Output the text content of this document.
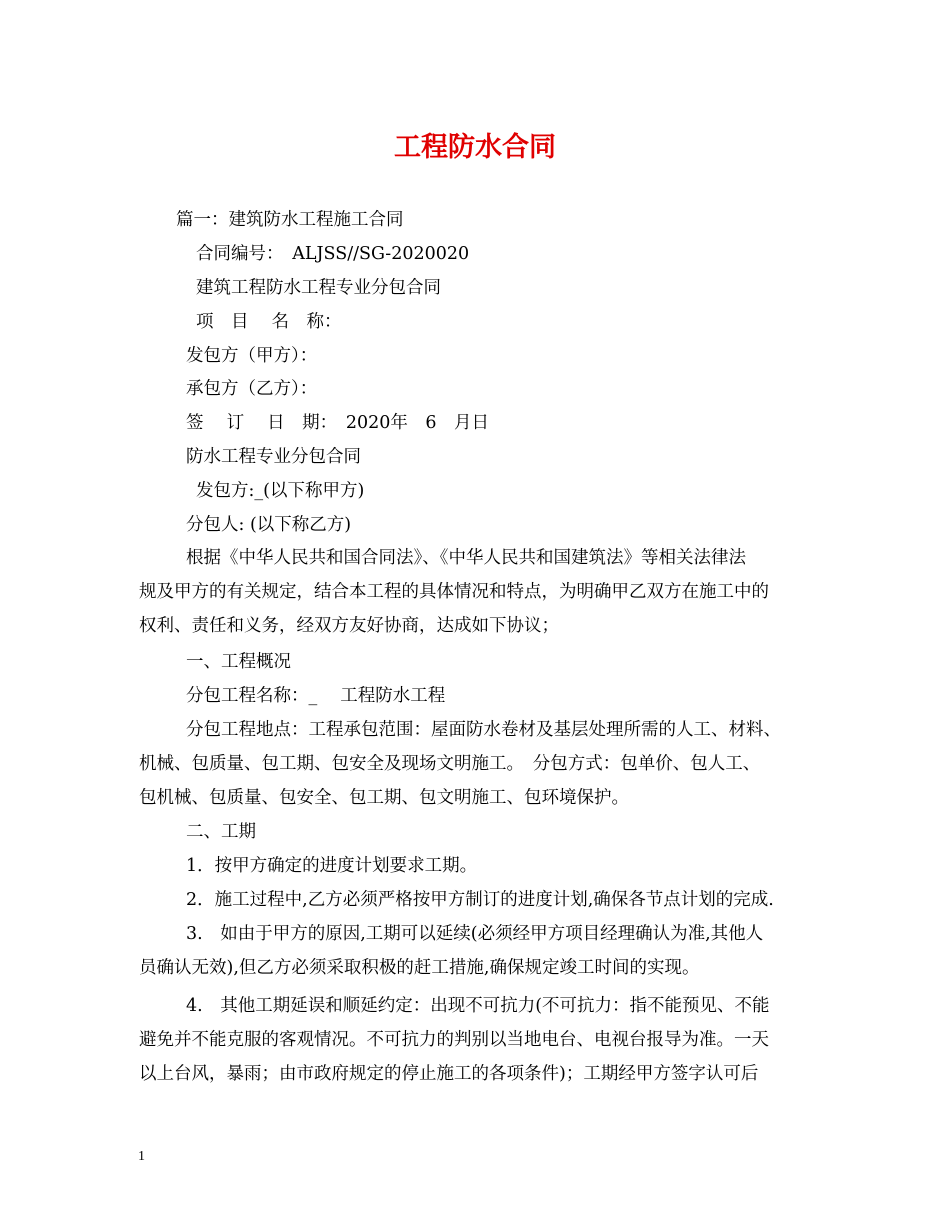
工程防水合同
篇一：建筑防水工程施工合同
合同编号：　ALJSS//SG-2020020
建筑工程防水工程专业分包合同
项　目　 名　称：
发包方（甲方）：
承包方（乙方）：
签　 订　 日　期：　2020年　6　月日
防水工程专业分包合同
发包方:_(以下称甲方)
分包人: (以下称乙方)
根据《中华人民共和国合同法》、《中华人民共和国建筑法》等相关法律法
规及甲方的有关规定，结合本工程的具体情况和特点，为明确甲乙双方在施工中的
权利、责任和义务，经双方友好协商，达成如下协议；
一、工程概况
分包工程名称：_　 工程防水工程
分包工程地点：工程承包范围：屋面防水卷材及基层处理所需的人工、材料、
机械、包质量、包工期、包安全及现场文明施工。　分包方式：包单价、包人工、
包机械、包质量、包安全、包工期、包文明施工、包环境保护。
二、工期
1．按甲方确定的进度计划要求工期。
2．施工过程中,乙方必须严格按甲方制订的进度计划,确保各节点计划的完成.
3.　如由于甲方的原因,工期可以延续(必须经甲方项目经理确认为准,其他人
员确认无效),但乙方必须采取积极的赶工措施,确保规定竣工时间的实现。
4.　其他工期延误和顺延约定：出现不可抗力(不可抗力：指不能预见、不能
避免并不能克服的客观情况。不可抗力的判别以当地电台、电视台报导为准。一天
以上台风，暴雨；由市政府规定的停止施工的各项条件)；工期经甲方签字认可后
1
